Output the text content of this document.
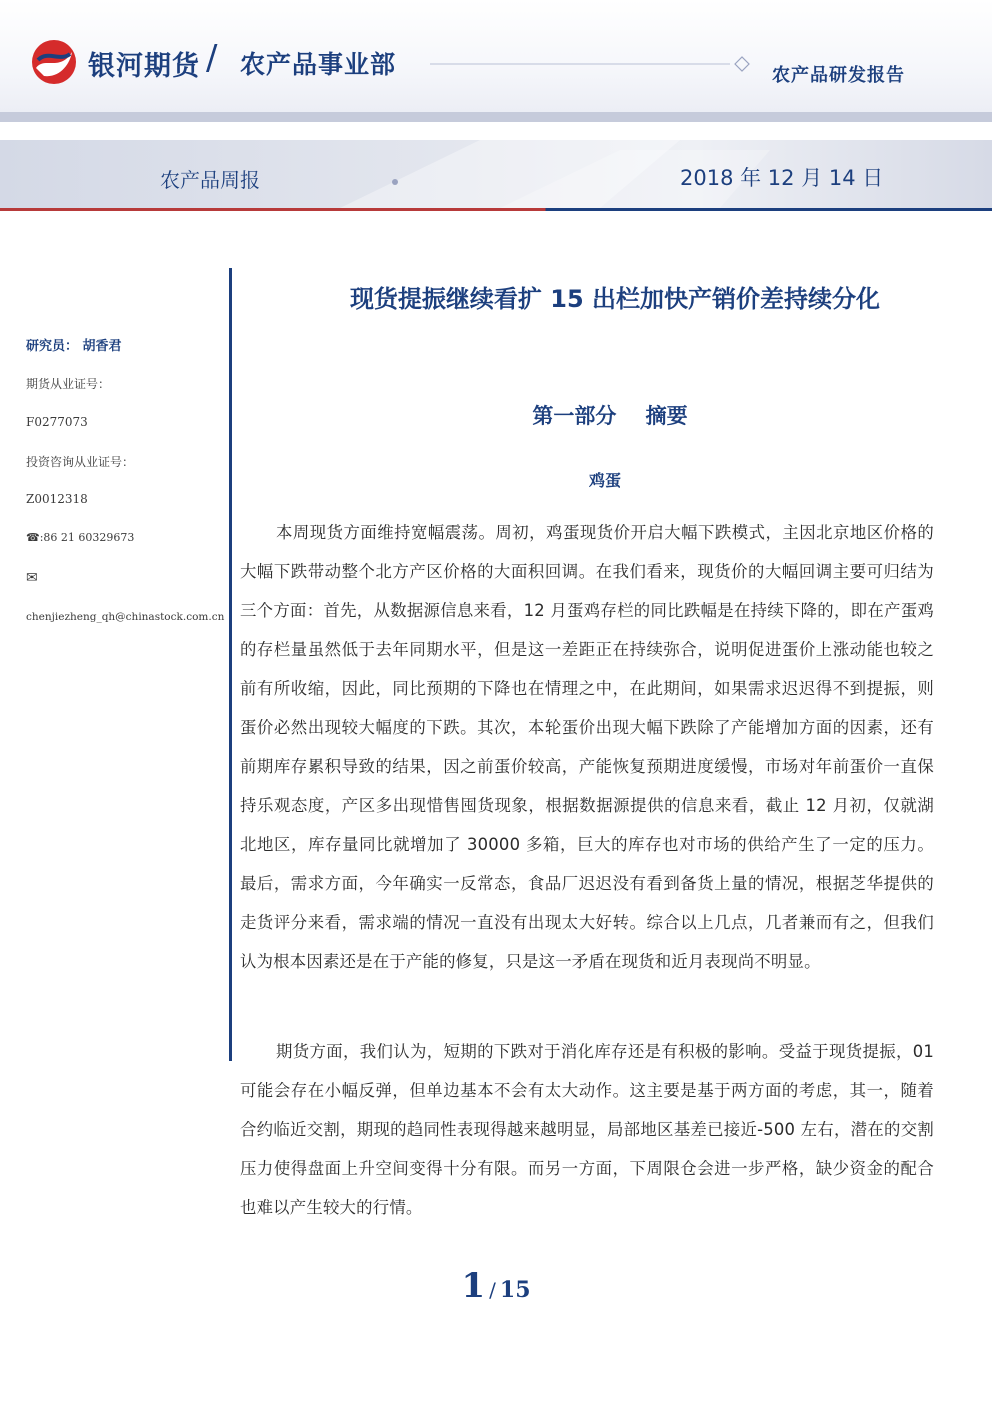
银河期货 / 农产品事业部	农产品研发报告
农产品周报	2018 年 12 月 14 日
研究员： 胡香君
期货从业证号：
F0277073
投资咨询从业证号：
Z0012318
☎:86 21 60329673
✉
chenjiezheng_qh@chinastock.com.cn
现货提振继续看扩 15 出栏加快产销价差持续分化
第一部分    摘要
鸡蛋

本周现货方面维持宽幅震荡。周初，鸡蛋现货价开启大幅下跌模式，主因北京地区价格的大幅下跌带动整个北方产区价格的大面积回调。在我们看来，现货价的大幅回调主要可归结为三个方面：首先，从数据源信息来看，12 月蛋鸡存栏的同比跌幅是在持续下降的，即在产蛋鸡的存栏量虽然低于去年同期水平，但是这一差距正在持续弥合，说明促进蛋价上涨动能也较之前有所收缩，因此，同比预期的下降也在情理之中，在此期间，如果需求迟迟得不到提振，则蛋价必然出现较大幅度的下跌。其次，本轮蛋价出现大幅下跌除了产能增加方面的因素，还有前期库存累积导致的结果，因之前蛋价较高，产能恢复预期进度缓慢，市场对年前蛋价一直保持乐观态度，产区多出现惜售囤货现象，根据数据源提供的信息来看，截止 12 月初，仅就湖北地区，库存量同比就增加了 30000 多箱，巨大的库存也对市场的供给产生了一定的压力。最后，需求方面，今年确实一反常态，食品厂迟迟没有看到备货上量的情况，根据芝华提供的走货评分来看，需求端的情况一直没有出现太大好转。综合以上几点，几者兼而有之，但我们认为根本因素还是在于产能的修复，只是这一矛盾在现货和近月表现尚不明显。

期货方面，我们认为，短期的下跌对于消化库存还是有积极的影响。受益于现货提振，01 可能会存在小幅反弹，但单边基本不会有太大动作。这主要是基于两方面的考虑，其一，随着合约临近交割，期现的趋同性表现得越来越明显，局部地区基差已接近-500 左右，潜在的交割压力使得盘面上升空间变得十分有限。而另一方面，下周限仓会进一步严格，缺少资金的配合也难以产生较大的行情。

1 / 15
